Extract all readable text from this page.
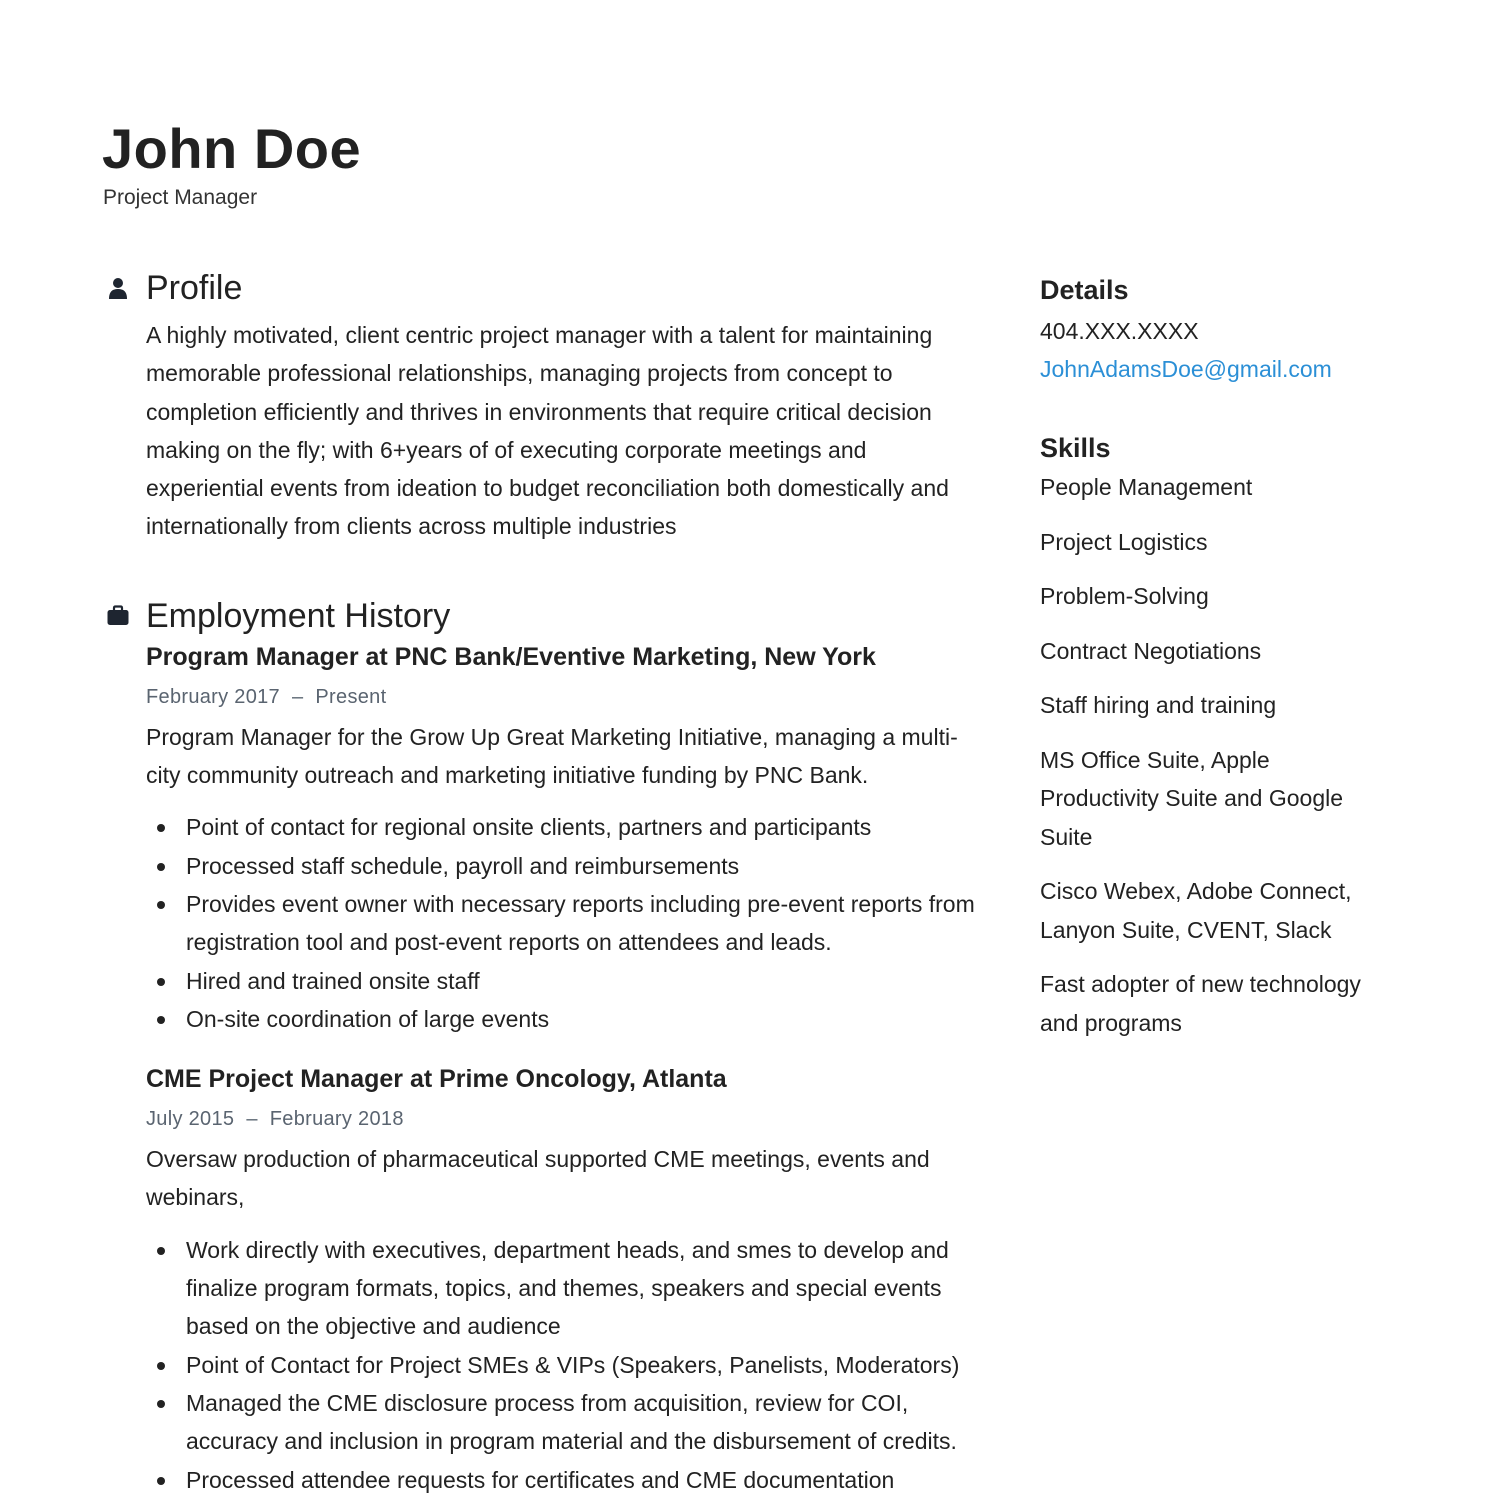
John Doe
Project Manager
Profile

A highly motivated, client centric project manager with a talent for maintaining memorable professional relationships, managing projects from concept to completion efficiently and thrives in environments that require critical decision making on the fly; with 6+years of of executing corporate meetings and experiential events from ideation to budget reconciliation both domestically and internationally from clients across multiple industries

Employment History
Program Manager at PNC Bank/Eventive Marketing, New York
February 2017 – Present

Program Manager for the Grow Up Great Marketing Initiative, managing a multi-city community outreach and marketing initiative funding by PNC Bank.

Point of contact for regional onsite clients, partners and participants
Processed staff schedule, payroll and reimbursements
Provides event owner with necessary reports including pre-event reports from registration tool and post-event reports on attendees and leads.
Hired and trained onsite staff
On-site coordination of large events
CME Project Manager at Prime Oncology, Atlanta
July 2015 – February 2018

Oversaw production of pharmaceutical supported CME meetings, events and webinars,

Work directly with executives, department heads, and smes to develop and finalize program formats, topics, and themes, speakers and special events based on the objective and audience
Point of Contact for Project SMEs & VIPs (Speakers, Panelists, Moderators)
Managed the CME disclosure process from acquisition, review for COI, accuracy and inclusion in program material and the disbursement of credits.
Processed attendee requests for certificates and CME documentation
Details
404.XXX.XXXX
JohnAdamsDoe@gmail.com
Skills
People Management
Project Logistics
Problem-Solving
Contract Negotiations
Staff hiring and training
MS Office Suite, Apple Productivity Suite and Google Suite
Cisco Webex, Adobe Connect, Lanyon Suite, CVENT, Slack
Fast adopter of new technology and programs
